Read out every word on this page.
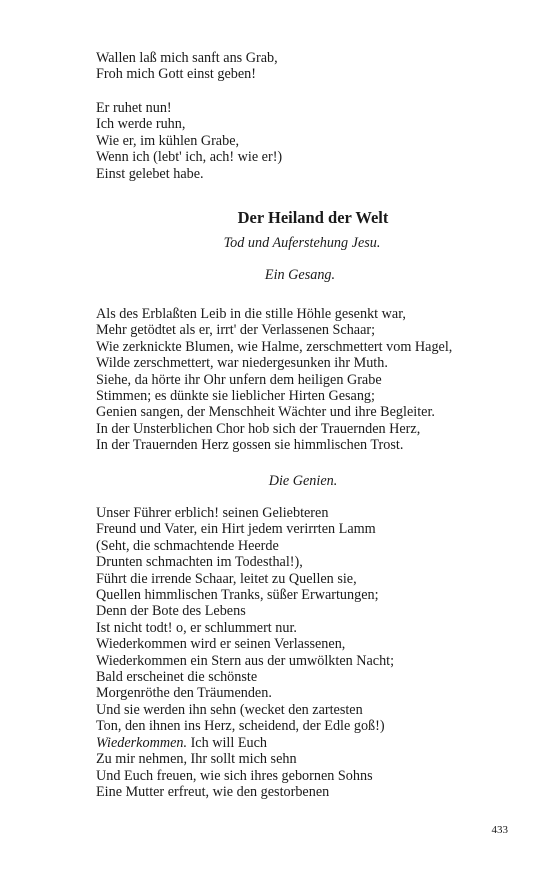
Wallen laß mich sanft ans Grab,
Froh mich Gott einst geben!
Er ruhet nun!
Ich werde ruhn,
Wie er, im kühlen Grabe,
Wenn ich (lebt' ich, ach! wie er!)
Einst gelebet habe.
Der Heiland der Welt
Tod und Auferstehung Jesu.
Ein Gesang.
Als des Erblaßten Leib in die stille Höhle gesenkt war,
Mehr getödtet als er, irrt' der Verlassenen Schaar;
Wie zerknickte Blumen, wie Halme, zerschmettert vom Hagel,
Wilde zerschmettert, war niedergesunken ihr Muth.
Siehe, da hörte ihr Ohr unfern dem heiligen Grabe
Stimmen; es dünkte sie lieblicher Hirten Gesang;
Genien sangen, der Menschheit Wächter und ihre Begleiter.
In der Unsterblichen Chor hob sich der Trauernden Herz,
In der Trauernden Herz gossen sie himmlischen Trost.
Die Genien.
Unser Führer erblich! seinen Geliebteren
Freund und Vater, ein Hirt jedem verirrten Lamm
(Seht, die schmachtende Heerde
Drunten schmachten im Todesthal!),
Führt die irrende Schaar, leitet zu Quellen sie,
Quellen himmlischen Tranks, süßer Erwartungen;
Denn der Bote des Lebens
Ist nicht todt! o, er schlummert nur.
Wiederkommen wird er seinen Verlassenen,
Wiederkommen ein Stern aus der umwölkten Nacht;
Bald erscheinet die schönste
Morgenröthe den Träumenden.
Und sie werden ihn sehn (wecket den zartesten
Ton, den ihnen ins Herz, scheidend, der Edle goß!)
Wiederkommen. Ich will Euch
Zu mir nehmen, Ihr sollt mich sehn
Und Euch freuen, wie sich ihres gebornen Sohns
Eine Mutter erfreut, wie den gestorbenen
433
